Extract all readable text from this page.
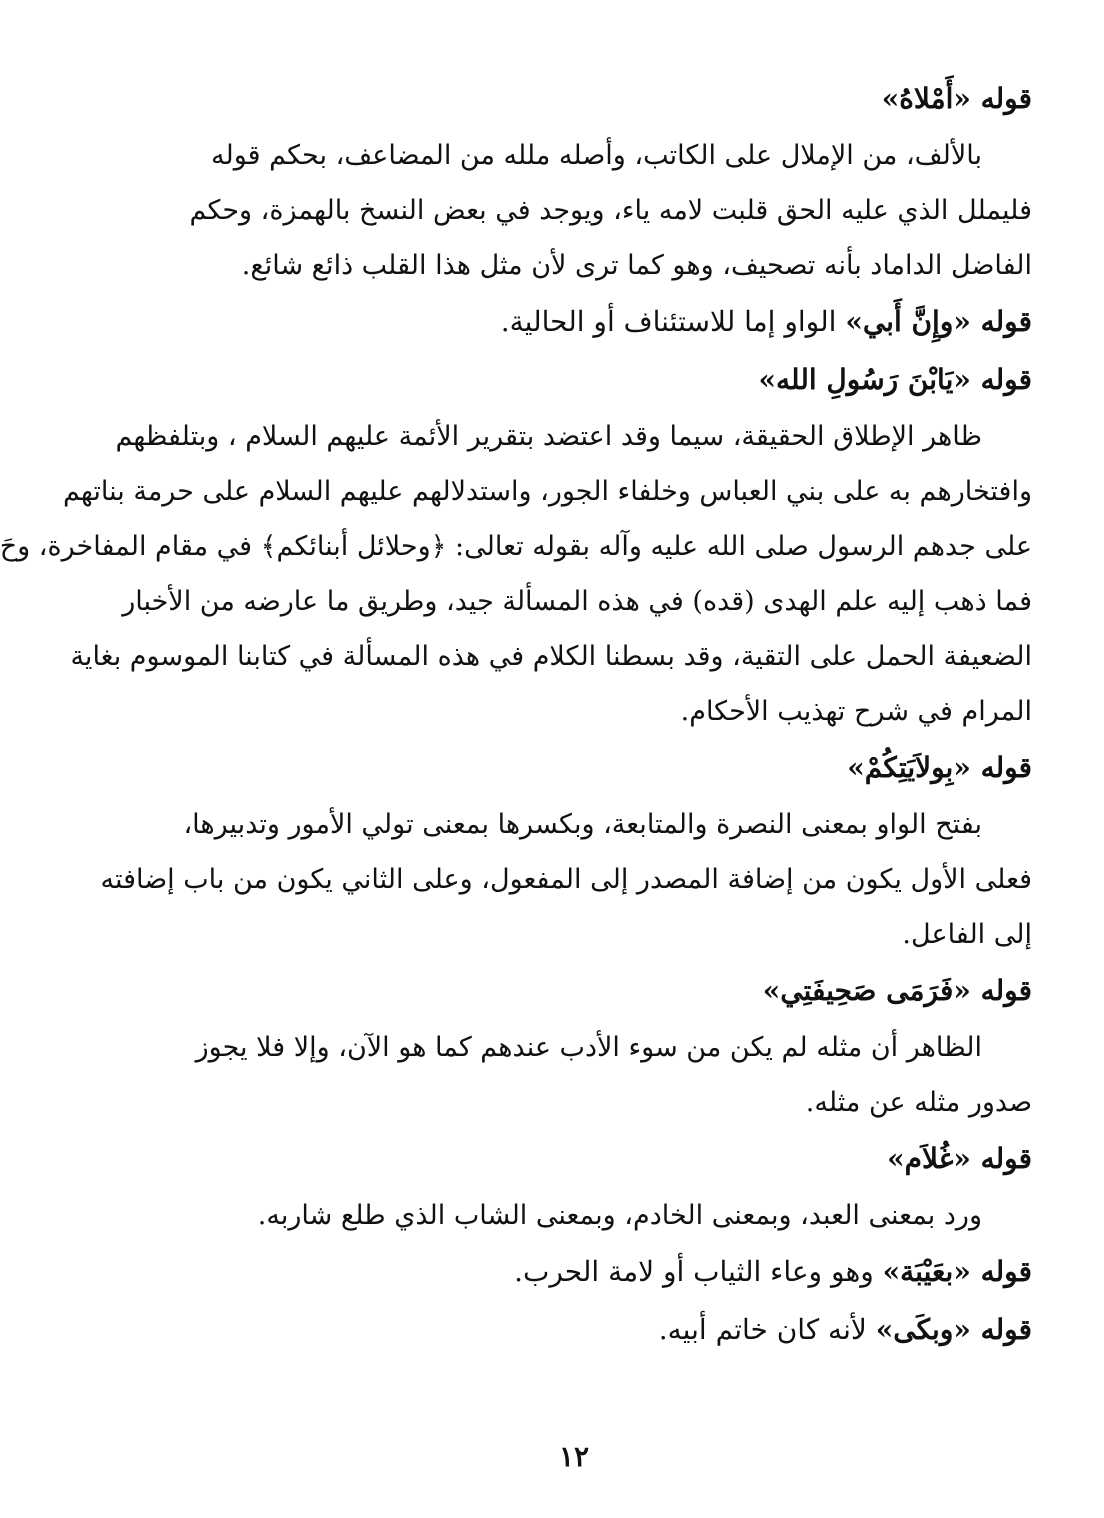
قوله «أَمْلاهُ»

بالألف، من الإملال على الكاتب، وأصله ملله من المضاعف، بحكم قوله

فليملل الذي عليه الحق قلبت لامه ياء، ويوجد في بعض النسخ بالهمزة، وحكم

الفاضل الداماد بأنه تصحيف، وهو كما ترى لأن مثل هذا القلب ذائع شائع.

قوله «وإِنَّ أَبي» الواو إما للاستئناف أو الحالية.

قوله «يَابْنَ رَسُولِ الله»

ظاهر الإطلاق الحقيقة، سيما وقد اعتضد بتقرير الأئمة عليهم السلام ، وبتلفظهم

وافتخارهم به على بني العباس وخلفاء الجور، واستدلالهم عليهم السلام على حرمة بناتهم

على جدهم الرسول صلى الله عليه وآله بقوله تعالى: ﴿وحلائل أبنائكم﴾ في مقام المفاخرة، وحَ

فما ذهب إليه علم الهدى (قده) في هذه المسألة جيد، وطريق ما عارضه من الأخبار

الضعيفة الحمل على التقية، وقد بسطنا الكلام في هذه المسألة في كتابنا الموسوم بغاية

المرام في شرح تهذيب الأحكام.

قوله «بِولاَيَتِكُمْ»

بفتح الواو بمعنى النصرة والمتابعة، وبكسرها بمعنى تولي الأمور وتدبيرها،

فعلى الأول يكون من إضافة المصدر إلى المفعول، وعلى الثاني يكون من باب إضافته

إلى الفاعل.

قوله «فَرَمَى صَحِيفَتِي»

الظاهر أن مثله لم يكن من سوء الأدب عندهم كما هو الآن، وإلا فلا يجوز

صدور مثله عن مثله.

قوله «غُلاَم»

ورد بمعنى العبد، وبمعنى الخادم، وبمعنى الشاب الذي طلع شاربه.

قوله «بعَيْبَة» وهو وعاء الثياب أو لامة الحرب.

قوله «وبكَى» لأنه كان خاتم أبيه.

١٢
